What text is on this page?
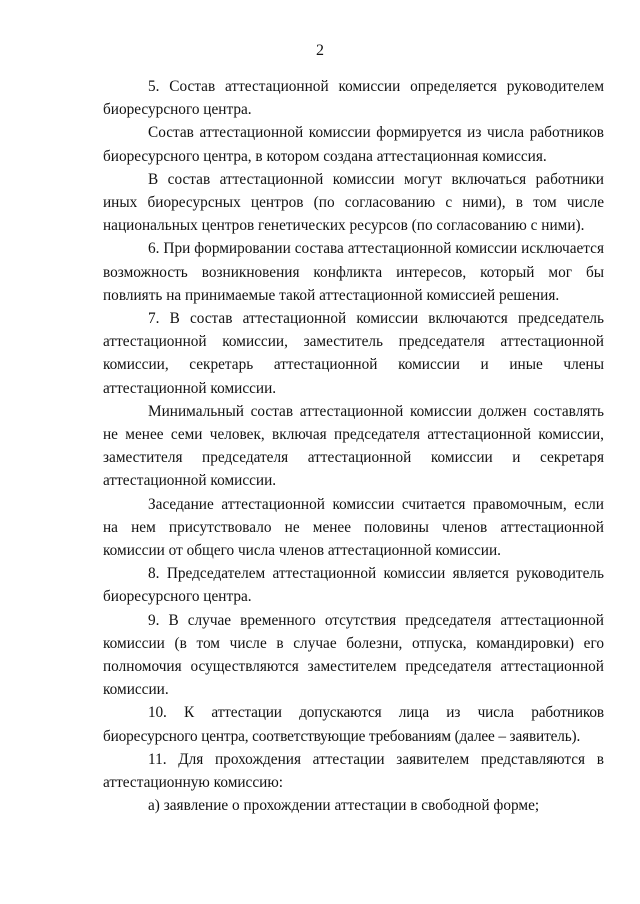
2

5. Состав аттестационной комиссии определяется руководителем биоресурсного центра.

Состав аттестационной комиссии формируется из числа работников биоресурсного центра, в котором создана аттестационная комиссия.

В состав аттестационной комиссии могут включаться работники иных биоресурсных центров (по согласованию с ними), в том числе национальных центров генетических ресурсов (по согласованию с ними).

6. При формировании состава аттестационной комиссии исключается возможность возникновения конфликта интересов, который мог бы повлиять на принимаемые такой аттестационной комиссией решения.

7. В состав аттестационной комиссии включаются председатель аттестационной комиссии, заместитель председателя аттестационной комиссии, секретарь аттестационной комиссии и иные члены аттестационной комиссии.

Минимальный состав аттестационной комиссии должен составлять не менее семи человек, включая председателя аттестационной комиссии, заместителя председателя аттестационной комиссии и секретаря аттестационной комиссии.

Заседание аттестационной комиссии считается правомочным, если на нем присутствовало не менее половины членов аттестационной комиссии от общего числа членов аттестационной комиссии.

8. Председателем аттестационной комиссии является руководитель биоресурсного центра.

9. В случае временного отсутствия председателя аттестационной комиссии (в том числе в случае болезни, отпуска, командировки) его полномочия осуществляются заместителем председателя аттестационной комиссии.

10. К аттестации допускаются лица из числа работников биоресурсного центра, соответствующие требованиям (далее – заявитель).

11. Для прохождения аттестации заявителем представляются в аттестационную комиссию:

а) заявление о прохождении аттестации в свободной форме;
